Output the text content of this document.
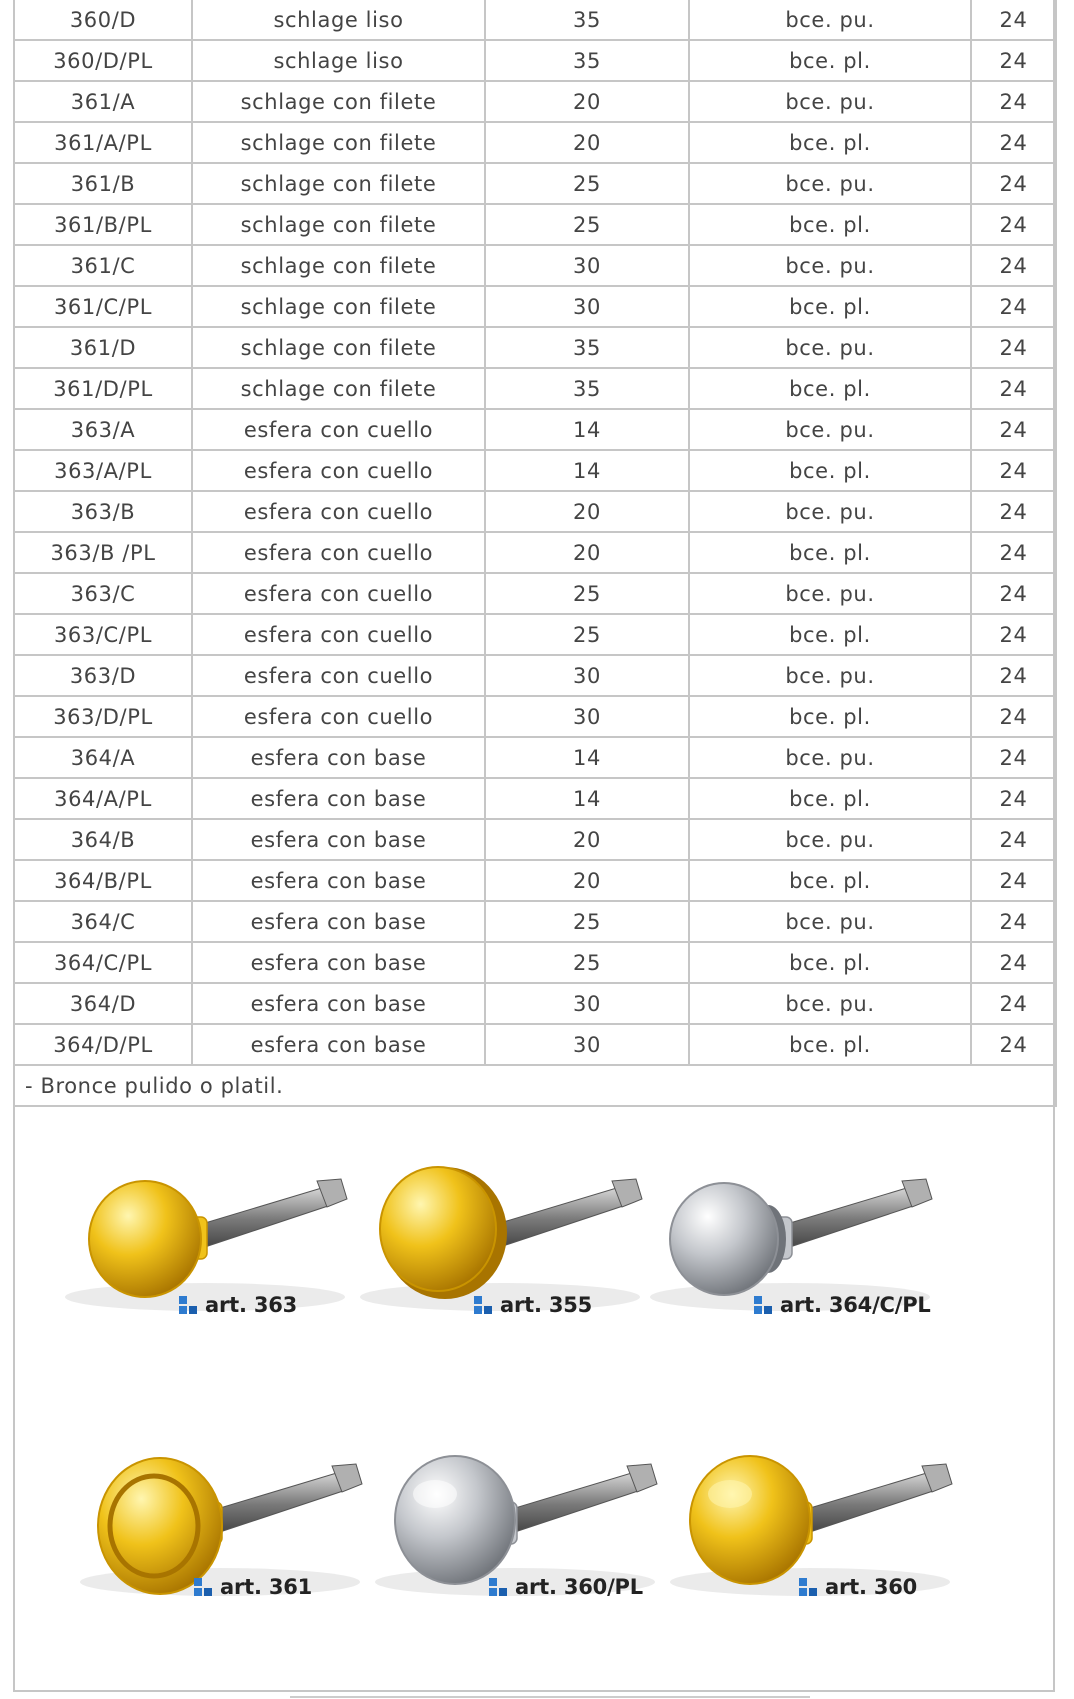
360/D	schlage liso	35	bce. pu.	24
360/D/PL	schlage liso	35	bce. pl.	24
361/A	schlage con filete	20	bce. pu.	24
361/A/PL	schlage con filete	20	bce. pl.	24
361/B	schlage con filete	25	bce. pu.	24
361/B/PL	schlage con filete	25	bce. pl.	24
361/C	schlage con filete	30	bce. pu.	24
361/C/PL	schlage con filete	30	bce. pl.	24
361/D	schlage con filete	35	bce. pu.	24
361/D/PL	schlage con filete	35	bce. pl.	24
363/A	esfera con cuello	14	bce. pu.	24
363/A/PL	esfera con cuello	14	bce. pl.	24
363/B	esfera con cuello	20	bce. pu.	24
363/B /PL	esfera con cuello	20	bce. pl.	24
363/C	esfera con cuello	25	bce. pu.	24
363/C/PL	esfera con cuello	25	bce. pl.	24
363/D	esfera con cuello	30	bce. pu.	24
363/D/PL	esfera con cuello	30	bce. pl.	24
364/A	esfera con base	14	bce. pu.	24
364/A/PL	esfera con base	14	bce. pl.	24
364/B	esfera con base	20	bce. pu.	24
364/B/PL	esfera con base	20	bce. pl.	24
364/C	esfera con base	25	bce. pu.	24
364/C/PL	esfera con base	25	bce. pl.	24
364/D	esfera con base	30	bce. pu.	24
364/D/PL	esfera con base	30	bce. pl.	24
- Bronce pulido o platil.				
art. 363	art. 355	art. 364/C/PL
art. 361	art. 360/PL	art. 360
